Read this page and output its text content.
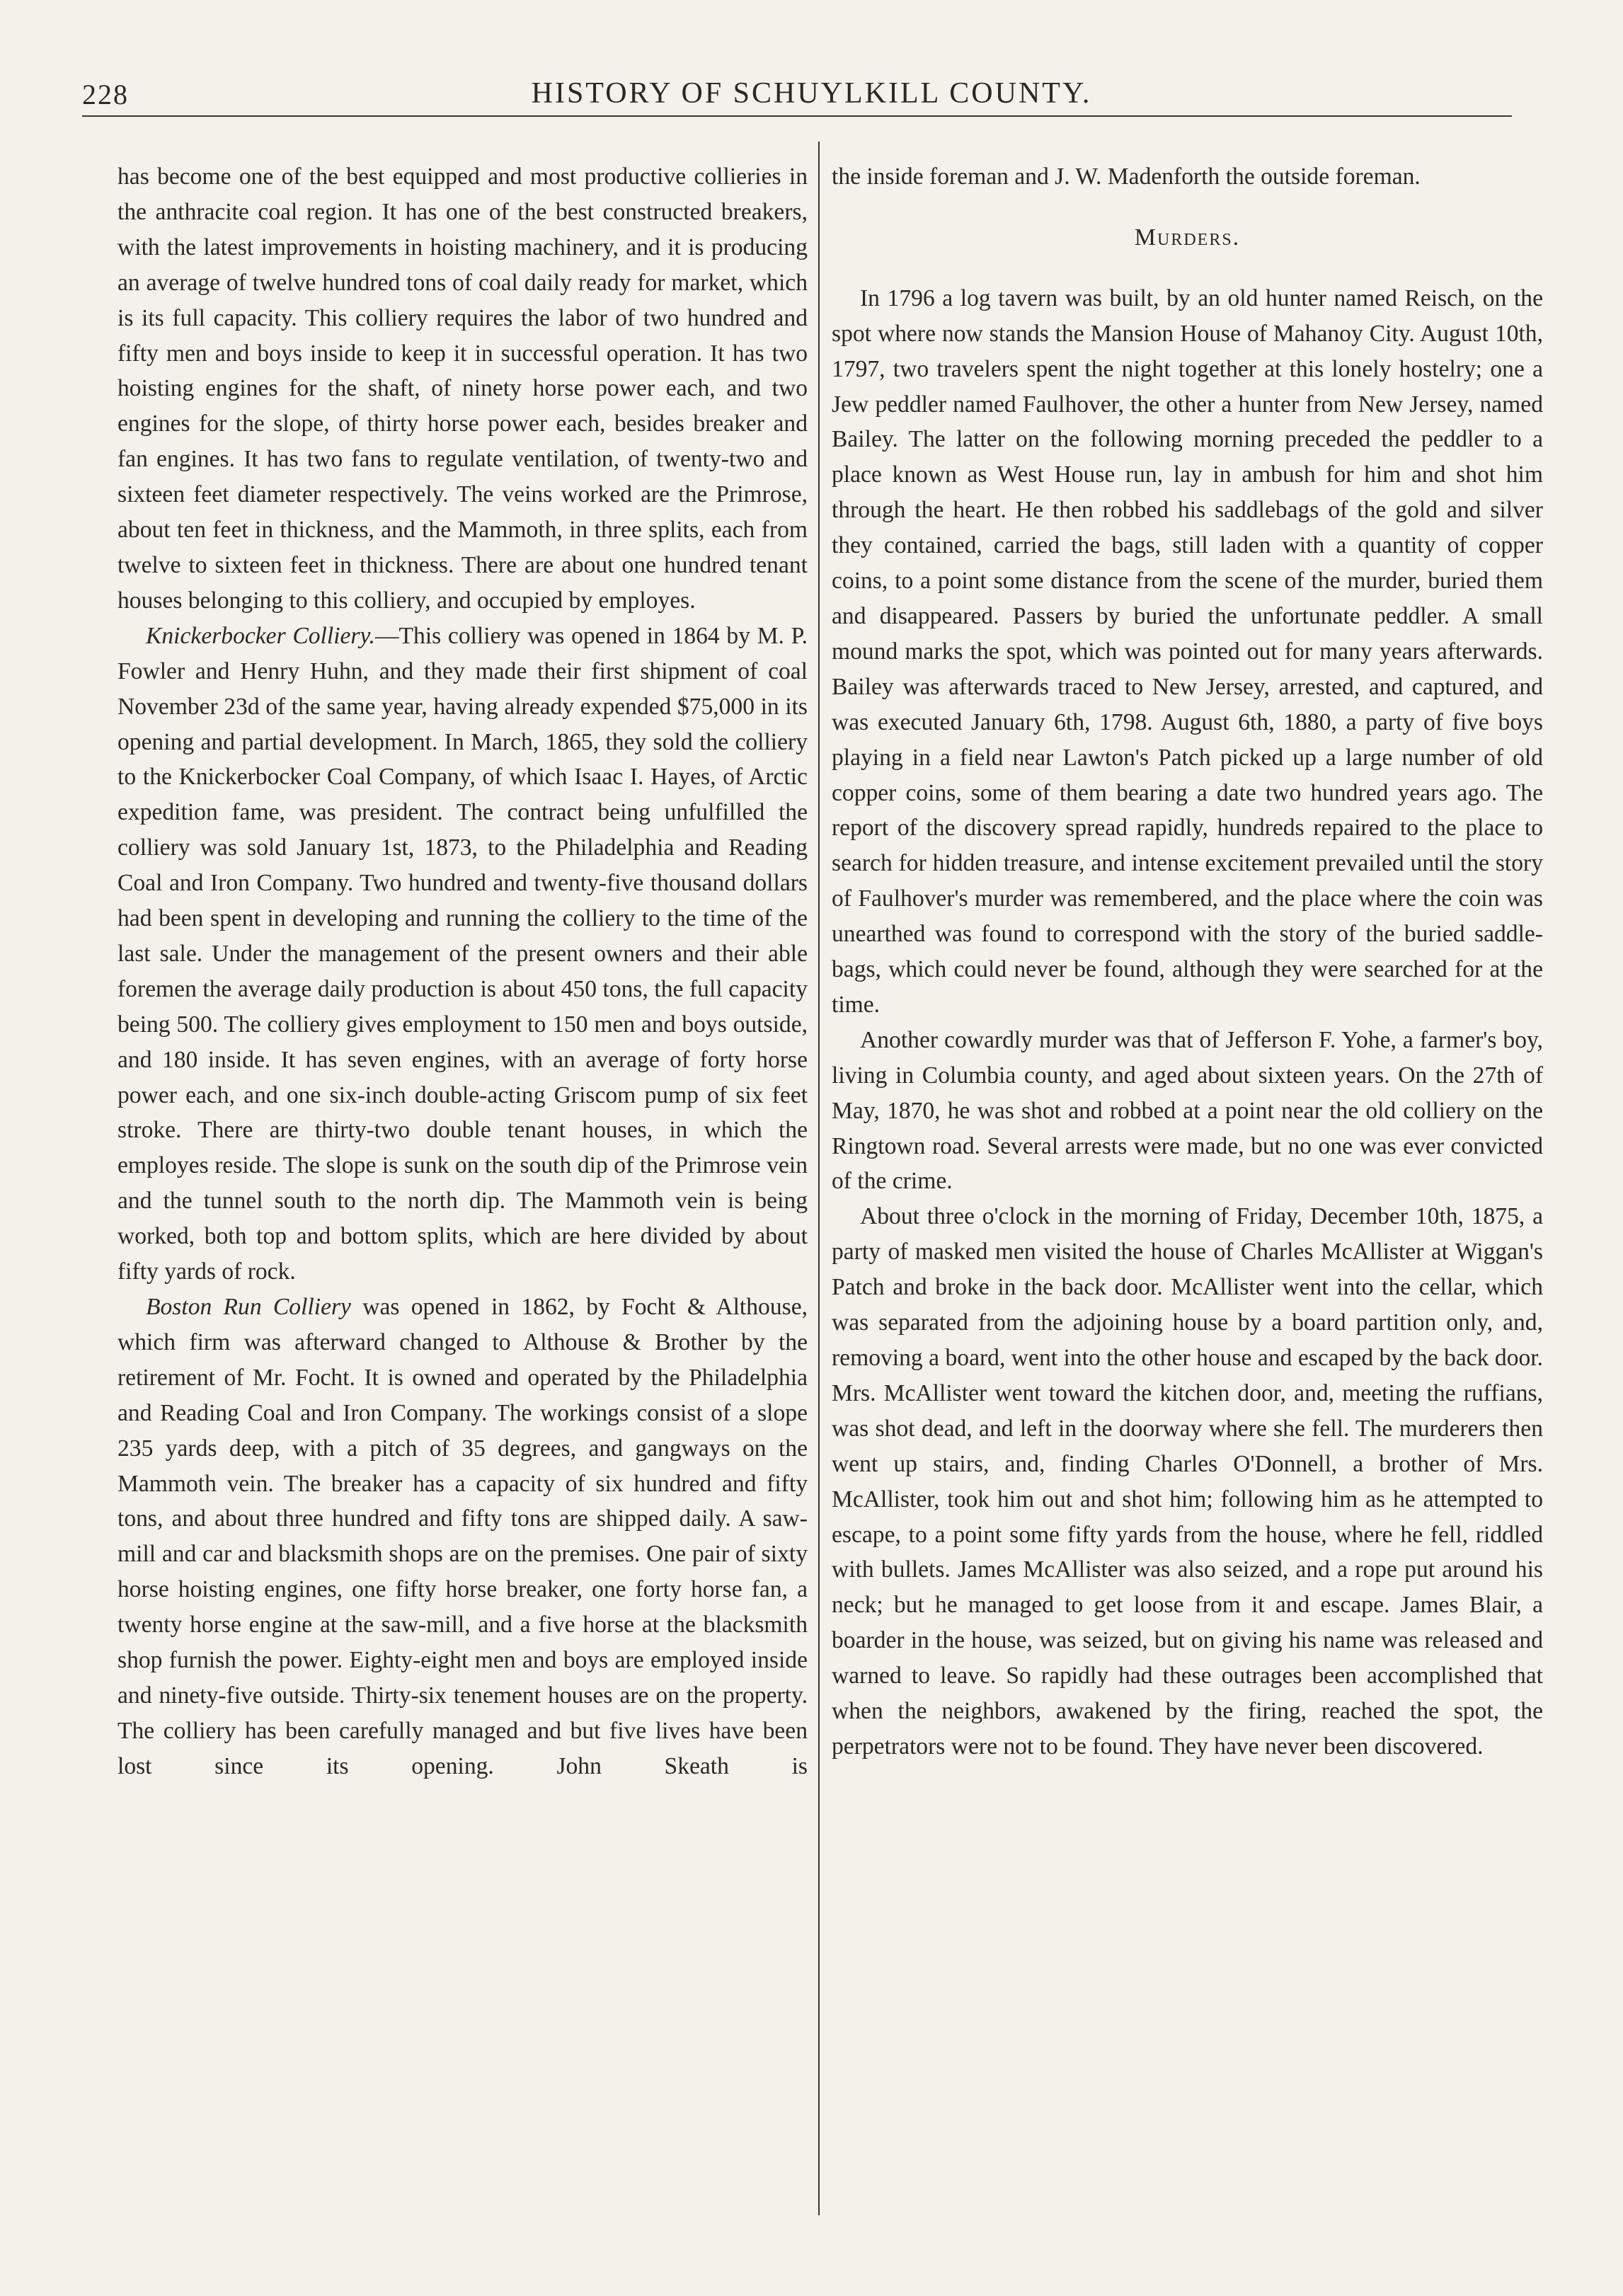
228	HISTORY OF SCHUYLKILL COUNTY.

has become one of the best equipped and most productive collieries in the anthracite coal region. It has one of the best constructed breakers, with the latest improvements in hoisting machinery, and it is producing an average of twelve hundred tons of coal daily ready for market, which is its full capacity. This colliery requires the labor of two hundred and fifty men and boys inside to keep it in successful operation. It has two hoisting engines for the shaft, of ninety horse power each, and two engines for the slope, of thirty horse power each, besides breaker and fan engines. It has two fans to regulate ventilation, of twenty-two and sixteen feet diameter respectively. The veins worked are the Primrose, about ten feet in thickness, and the Mammoth, in three splits, each from twelve to sixteen feet in thickness. There are about one hundred tenant houses belonging to this colliery, and occupied by employes.

Knickerbocker Colliery.—This colliery was opened in 1864 by M. P. Fowler and Henry Huhn, and they made their first shipment of coal November 23d of the same year, having already expended $75,000 in its opening and partial development. In March, 1865, they sold the colliery to the Knickerbocker Coal Company, of which Isaac I. Hayes, of Arctic expedition fame, was president. The contract being unfulfilled the colliery was sold January 1st, 1873, to the Philadelphia and Reading Coal and Iron Company. Two hundred and twenty-five thousand dollars had been spent in developing and running the colliery to the time of the last sale. Under the management of the present owners and their able foremen the average daily production is about 450 tons, the full capacity being 500. The colliery gives employment to 150 men and boys outside, and 180 inside. It has seven engines, with an average of forty horse power each, and one six-inch double-acting Griscom pump of six feet stroke. There are thirty-two double tenant houses, in which the employes reside. The slope is sunk on the south dip of the Primrose vein and the tunnel south to the north dip. The Mammoth vein is being worked, both top and bottom splits, which are here divided by about fifty yards of rock.

Boston Run Colliery was opened in 1862, by Focht & Althouse, which firm was afterward changed to Althouse & Brother by the retirement of Mr. Focht. It is owned and operated by the Philadelphia and Reading Coal and Iron Company. The workings consist of a slope 235 yards deep, with a pitch of 35 degrees, and gangways on the Mammoth vein. The breaker has a capacity of six hundred and fifty tons, and about three hundred and fifty tons are shipped daily. A saw-mill and car and blacksmith shops are on the premises. One pair of sixty horse hoisting engines, one fifty horse breaker, one forty horse fan, a twenty horse engine at the saw-mill, and a five horse at the blacksmith shop furnish the power. Eighty-eight men and boys are employed inside and ninety-five outside. Thirty-six tenement houses are on the property. The colliery has been carefully managed and but five lives have been lost since its opening. John Skeath is

the inside foreman and J. W. Madenforth the outside foreman.

Murders.

In 1796 a log tavern was built, by an old hunter named Reisch, on the spot where now stands the Mansion House of Mahanoy City. August 10th, 1797, two travelers spent the night together at this lonely hostelry; one a Jew peddler named Faulhover, the other a hunter from New Jersey, named Bailey. The latter on the following morning preceded the peddler to a place known as West House run, lay in ambush for him and shot him through the heart. He then robbed his saddlebags of the gold and silver they contained, carried the bags, still laden with a quantity of copper coins, to a point some distance from the scene of the murder, buried them and disappeared. Passers by buried the unfortunate peddler. A small mound marks the spot, which was pointed out for many years afterwards. Bailey was afterwards traced to New Jersey, arrested, and captured, and was executed January 6th, 1798. August 6th, 1880, a party of five boys playing in a field near Lawton's Patch picked up a large number of old copper coins, some of them bearing a date two hundred years ago. The report of the discovery spread rapidly, hundreds repaired to the place to search for hidden treasure, and intense excitement prevailed until the story of Faulhover's murder was remembered, and the place where the coin was unearthed was found to correspond with the story of the buried saddle-bags, which could never be found, although they were searched for at the time.

Another cowardly murder was that of Jefferson F. Yohe, a farmer's boy, living in Columbia county, and aged about sixteen years. On the 27th of May, 1870, he was shot and robbed at a point near the old colliery on the Ringtown road. Several arrests were made, but no one was ever convicted of the crime.

About three o'clock in the morning of Friday, December 10th, 1875, a party of masked men visited the house of Charles McAllister at Wiggan's Patch and broke in the back door. McAllister went into the cellar, which was separated from the adjoining house by a board partition only, and, removing a board, went into the other house and escaped by the back door. Mrs. McAllister went toward the kitchen door, and, meeting the ruffians, was shot dead, and left in the doorway where she fell. The murderers then went up stairs, and, finding Charles O'Donnell, a brother of Mrs. McAllister, took him out and shot him; following him as he attempted to escape, to a point some fifty yards from the house, where he fell, riddled with bullets. James McAllister was also seized, and a rope put around his neck; but he managed to get loose from it and escape. James Blair, a boarder in the house, was seized, but on giving his name was released and warned to leave. So rapidly had these outrages been accomplished that when the neighbors, awakened by the firing, reached the spot, the perpetrators were not to be found. They have never been discovered.
